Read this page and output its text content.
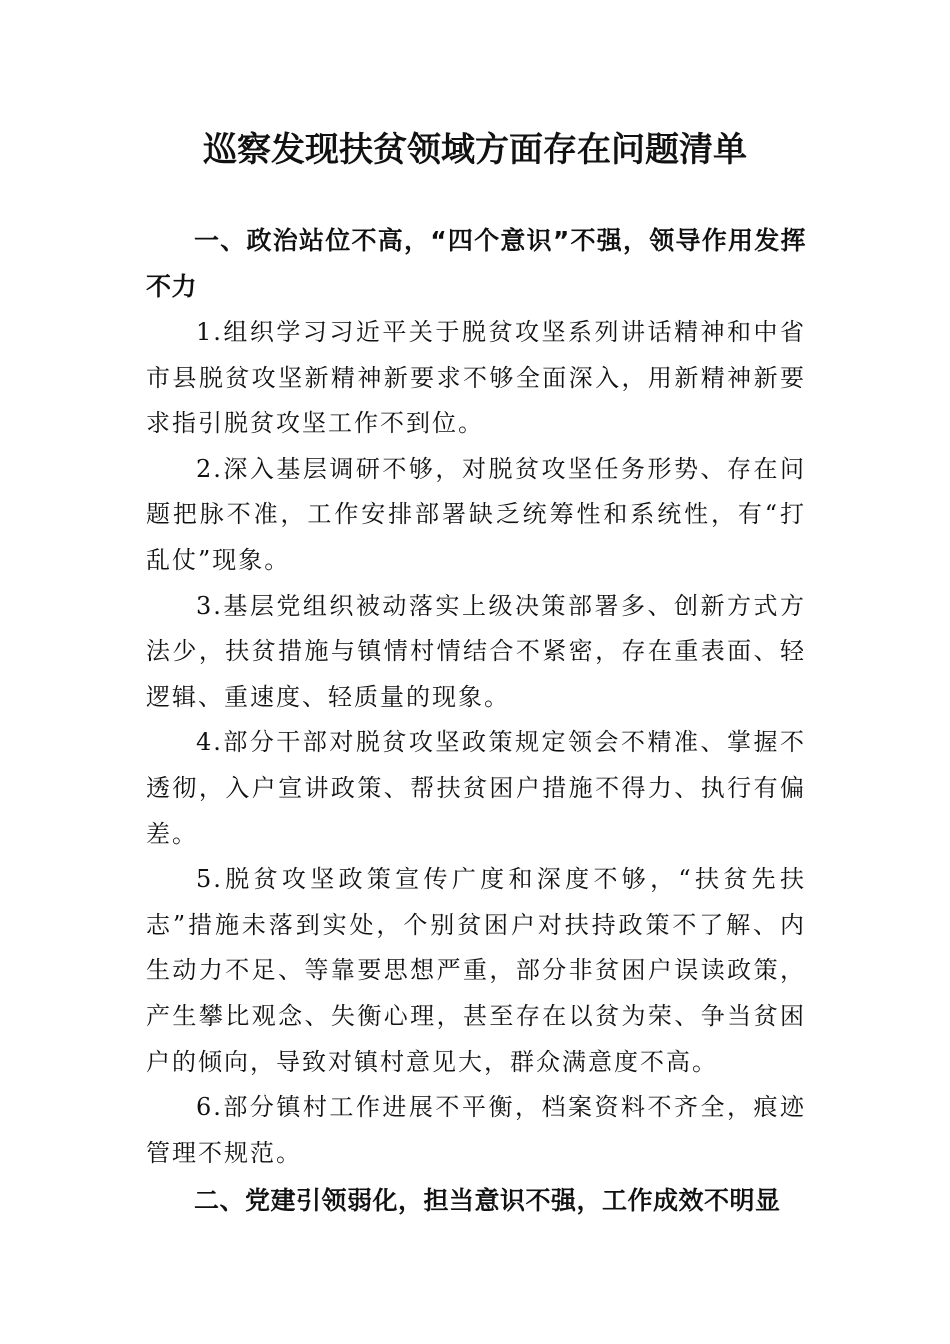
巡察发现扶贫领域方面存在问题清单
一、政治站位不高，“四个意识”不强，领导作用发挥不力
1.组织学习习近平关于脱贫攻坚系列讲话精神和中省市县脱贫攻坚新精神新要求不够全面深入，用新精神新要求指引脱贫攻坚工作不到位。
2.深入基层调研不够，对脱贫攻坚任务形势、存在问题把脉不准，工作安排部署缺乏统筹性和系统性，有“打乱仗”现象。
3.基层党组织被动落实上级决策部署多、创新方式方法少，扶贫措施与镇情村情结合不紧密，存在重表面、轻逻辑、重速度、轻质量的现象。
4.部分干部对脱贫攻坚政策规定领会不精准、掌握不透彻，入户宣讲政策、帮扶贫困户措施不得力、执行有偏差。
5.脱贫攻坚政策宣传广度和深度不够，“扶贫先扶志”措施未落到实处，个别贫困户对扶持政策不了解、内生动力不足、等靠要思想严重，部分非贫困户误读政策，产生攀比观念、失衡心理，甚至存在以贫为荣、争当贫困户的倾向，导致对镇村意见大，群众满意度不高。
6.部分镇村工作进展不平衡，档案资料不齐全，痕迹管理不规范。
二、党建引领弱化，担当意识不强，工作成效不明显
